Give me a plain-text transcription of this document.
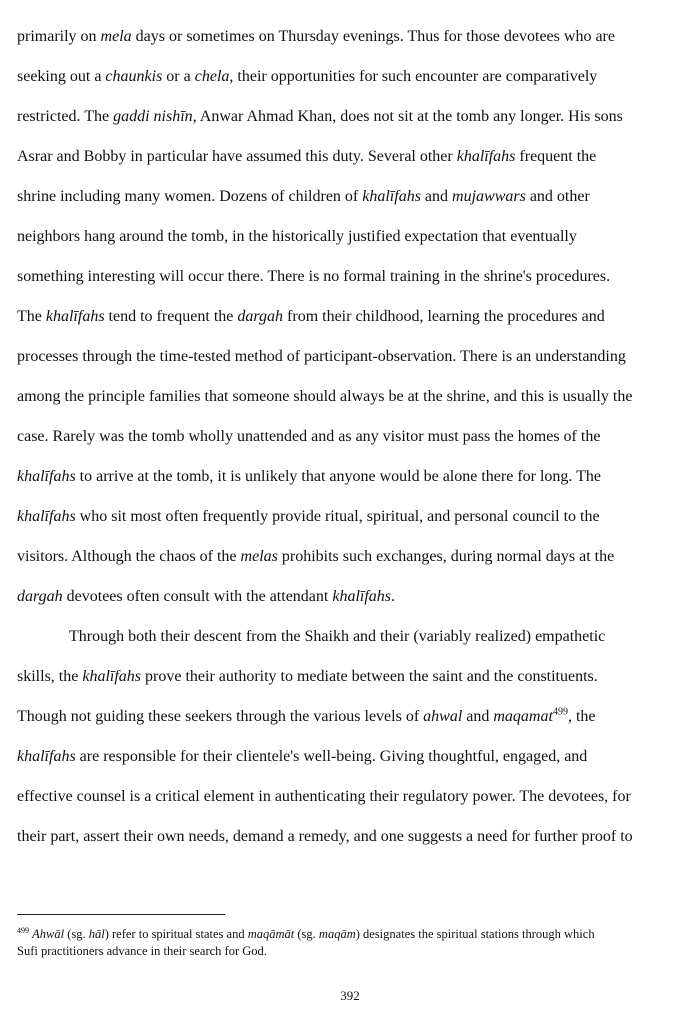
primarily on mela days or sometimes on Thursday evenings. Thus for those devotees who are
seeking out a chaunkis or a chela, their opportunities for such encounter are comparatively
restricted. The gaddi nishīn, Anwar Ahmad Khan, does not sit at the tomb any longer. His sons
Asrar and Bobby in particular have assumed this duty. Several other khalīfahs frequent the
shrine including many women. Dozens of children of khalīfahs and mujawwars and other
neighbors hang around the tomb, in the historically justified expectation that eventually
something interesting will occur there. There is no formal training in the shrine's procedures.
The khalīfahs tend to frequent the dargah from their childhood, learning the procedures and
processes through the time-tested method of participant-observation. There is an understanding
among the principle families that someone should always be at the shrine, and this is usually the
case. Rarely was the tomb wholly unattended and as any visitor must pass the homes of the
khalīfahs to arrive at the tomb, it is unlikely that anyone would be alone there for long. The
khalīfahs who sit most often frequently provide ritual, spiritual, and personal council to the
visitors. Although the chaos of the melas prohibits such exchanges, during normal days at the
dargah devotees often consult with the attendant khalīfahs.
Through both their descent from the Shaikh and their (variably realized) empathetic
skills, the khalīfahs prove their authority to mediate between the saint and the constituents.
Though not guiding these seekers through the various levels of ahwal and maqamat$^{499}$, the
khalīfahs are responsible for their clientele's well-being. Giving thoughtful, engaged, and
effective counsel is a critical element in authenticating their regulatory power. The devotees, for
their part, assert their own needs, demand a remedy, and one suggests a need for further proof to
$^{499}$ Ahwāl (sg. hāl) refer to spiritual states and maqāmāt (sg. maqām) designates the spiritual stations through which
Sufi practitioners advance in their search for God.
392
